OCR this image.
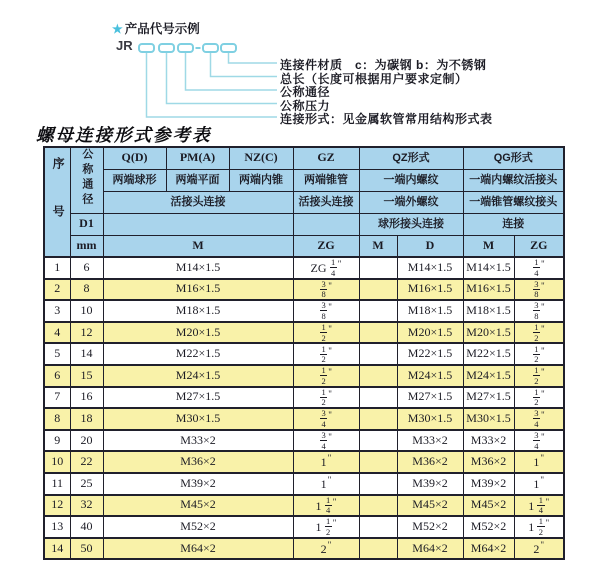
★ 产品代号示例
JR
连接件材质　c：为碳钢 b：为不锈钢
总长（长度可根据用户要求定制）
公称通径
公称压力
连接形式：见金属软管常用结构形式表
螺母连接形式参考表
序号	公称通径	Q(D)	PM(A)	NZ(C)	GZ	QZ形式		QG形式	
		两端球形	两端平面	两端内锥	两端锥管	一端内螺纹		一端内螺纹活接头	
		活接头连接			活接头连接	一端外螺纹		一端锥管螺纹接头	
	D1					球形接头连接		连接	
	mm	M			ZG	M	D	M	ZG
1	6	M14×1.5			ZG $\frac{1}{4} ^"$		M14×1.5	M14×1.5	$\frac{1}{4} ^"$
2	8	M16×1.5			$\frac{3}{8} ^"$		M16×1.5	M16×1.5	$\frac{3}{8} ^"$
3	10	M18×1.5			$\frac{3}{8} ^"$		M18×1.5	M18×1.5	$\frac{3}{8} ^"$
4	12	M20×1.5			$\frac{1}{2} ^"$		M20×1.5	M20×1.5	$\frac{1}{2} ^"$
5	14	M22×1.5			$\frac{1}{2} ^"$		M22×1.5	M22×1.5	$\frac{1}{2} ^"$
6	15	M24×1.5			$\frac{1}{2} ^"$		M24×1.5	M24×1.5	$\frac{1}{2} ^"$
7	16	M27×1.5			$\frac{1}{2} ^"$		M27×1.5	M27×1.5	$\frac{1}{2} ^"$
8	18	M30×1.5			$\frac{3}{4} ^"$		M30×1.5	M30×1.5	$\frac{3}{4} ^"$
9	20	M33×2			$\frac{3}{4} ^"$		M33×2	M33×2	$\frac{3}{4} ^"$
10	22	M36×2			1"		M36×2	M36×2	1"
11	25	M39×2			1"		M39×2	M39×2	1"
12	32	M45×2			$1 \frac{1}{4} ^"$		M45×2	M45×2	$1 \frac{1}{4} ^"$
13	40	M52×2			$1 \frac{1}{2} ^"$		M52×2	M52×2	$1 \frac{1}{2} ^"$
14	50	M64×2			2"		M64×2	M64×2	2"
